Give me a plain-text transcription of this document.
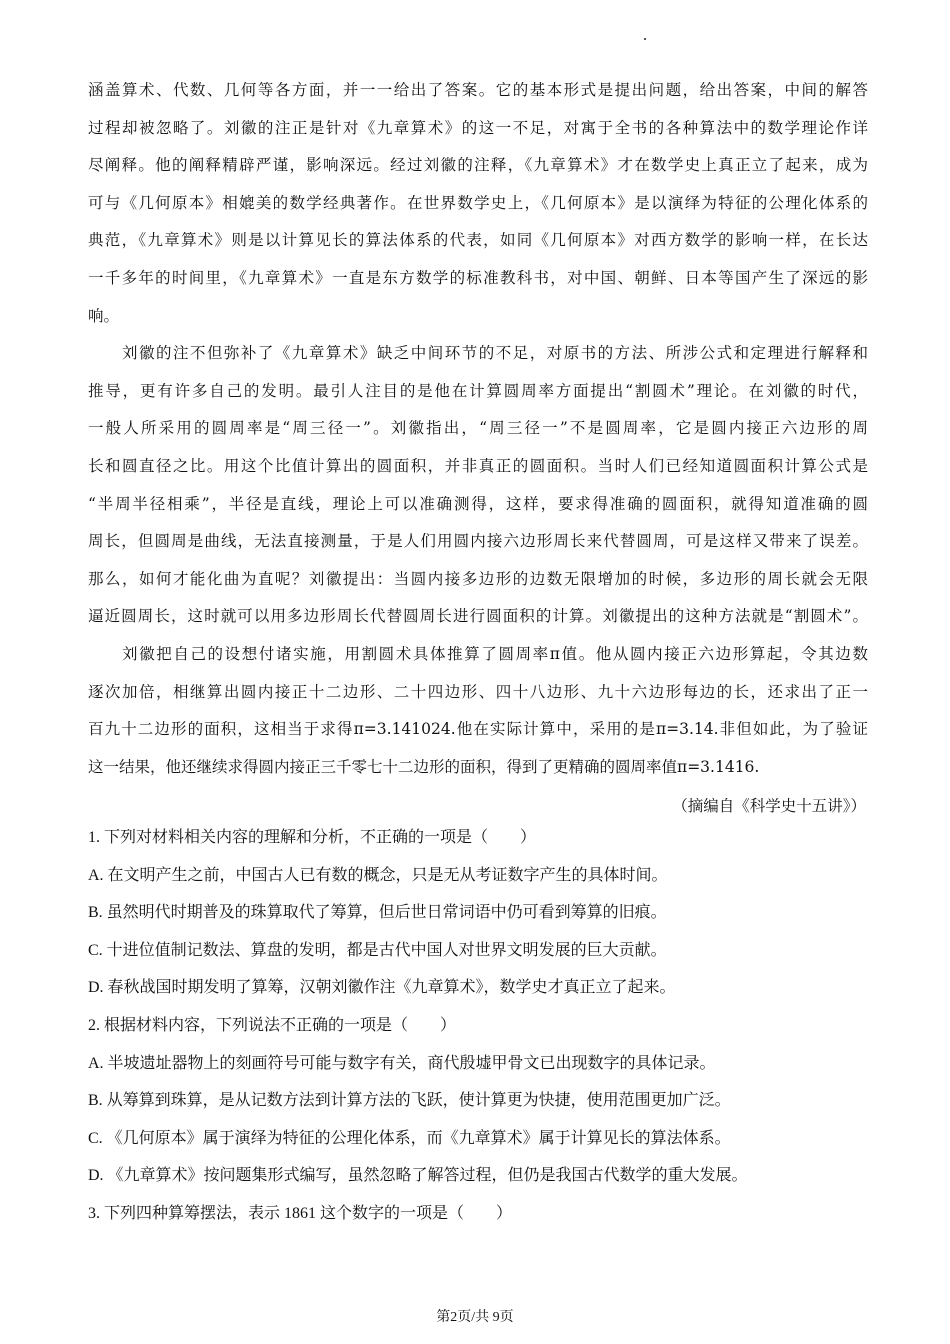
涵盖算术、代数、几何等各方面，并一一给出了答案。它的基本形式是提出问题，给出答案，中间的解答
过程却被忽略了。刘徽的注正是针对《九章算术》的这一不足，对寓于全书的各种算法中的数学理论作详
尽阐释。他的阐释精辟严谨，影响深远。经过刘徽的注释，《九章算术》才在数学史上真正立了起来，成为
可与《几何原本》相媲美的数学经典著作。在世界数学史上，《几何原本》是以演绎为特征的公理化体系的
典范，《九章算术》则是以计算见长的算法体系的代表，如同《几何原本》对西方数学的影响一样，在长达
一千多年的时间里，《九章算术》一直是东方数学的标准教科书，对中国、朝鲜、日本等国产生了深远的影
响。
刘徽的注不但弥补了《九章算术》缺乏中间环节的不足，对原书的方法、所涉公式和定理进行解释和
推导，更有许多自己的发明。最引人注目的是他在计算圆周率方面提出“割圆术”理论。在刘徽的时代，
一般人所采用的圆周率是“周三径一”。刘徽指出，“周三径一”不是圆周率，它是圆内接正六边形的周
长和圆直径之比。用这个比值计算出的圆面积，并非真正的圆面积。当时人们已经知道圆面积计算公式是
“半周半径相乘”，半径是直线，理论上可以准确测得，这样，要求得准确的圆面积，就得知道准确的圆
周长，但圆周是曲线，无法直接测量，于是人们用圆内接六边形周长来代替圆周，可是这样又带来了误差。
那么，如何才能化曲为直呢？刘徽提出：当圆内接多边形的边数无限增加的时候，多边形的周长就会无限
逼近圆周长，这时就可以用多边形周长代替圆周长进行圆面积的计算。刘徽提出的这种方法就是“割圆术”。
刘徽把自己的设想付诸实施，用割圆术具体推算了圆周率π值。他从圆内接正六边形算起，令其边数
逐次加倍，相继算出圆内接正十二边形、二十四边形、四十八边形、九十六边形每边的长，还求出了正一
百九十二边形的面积，这相当于求得π=3.141024.他在实际计算中，采用的是π=3.14.非但如此，为了验证
这一结果，他还继续求得圆内接正三千零七十二边形的面积，得到了更精确的圆周率值π=3.1416.
（摘编自《科学史十五讲》）
1. 下列对材料相关内容的理解和分析，不正确的一项是（　　）
A. 在文明产生之前，中国古人已有数的概念，只是无从考证数字产生的具体时间。
B. 虽然明代时期普及的珠算取代了筹算，但后世日常词语中仍可看到筹算的旧痕。
C. 十进位值制记数法、算盘的发明，都是古代中国人对世界文明发展的巨大贡献。
D. 春秋战国时期发明了算筹，汉朝刘徽作注《九章算术》，数学史才真正立了起来。
2. 根据材料内容，下列说法不正确的一项是（　　）
A. 半坡遗址器物上的刻画符号可能与数字有关，商代殷墟甲骨文已出现数字的具体记录。
B. 从筹算到珠算，是从记数方法到计算方法的飞跃，使计算更为快捷，使用范围更加广泛。
C. 《几何原本》属于演绎为特征的公理化体系，而《九章算术》属于计算见长的算法体系。
D. 《九章算术》按问题集形式编写，虽然忽略了解答过程，但仍是我国古代数学的重大发展。
3. 下列四种算筹摆法，表示 1861 这个数字的一项是（　　）
第2页/共 9页
